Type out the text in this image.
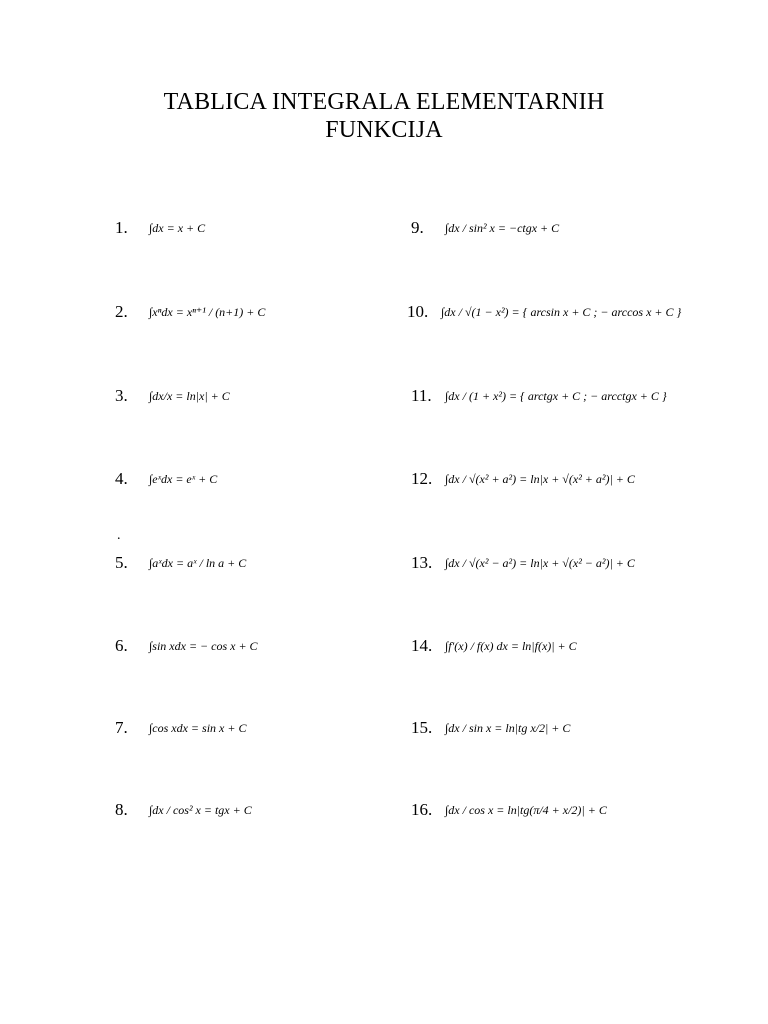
TABLICA INTEGRALA ELEMENTARNIH
FUNKCIJA
.
1.	∫dx = x + C
2.	∫xⁿdx = xⁿ⁺¹ / (n+1) + C
3.	∫dx/x = ln|x| + C
4.	∫eˣdx = eˣ + C
5.	∫aˣdx = aˣ / ln a + C
6.	∫sin xdx = − cos x + C
7.	∫cos xdx = sin x + C
8.	∫dx / cos² x = tgx + C
9.	∫dx / sin² x = −ctgx + C
10.	∫dx / √(1 − x²) = { arcsin x + C ; − arccos x + C }
11.	∫dx / (1 + x²) = { arctgx + C ; − arcctgx + C }
12.	∫dx / √(x² + a²) = ln|x + √(x² + a²)| + C
13.	∫dx / √(x² − a²) = ln|x + √(x² − a²)| + C
14.	∫f′(x) / f(x) dx = ln|f(x)| + C
15.	∫dx / sin x = ln|tg x/2| + C
16.	∫dx / cos x = ln|tg(π/4 + x/2)| + C
